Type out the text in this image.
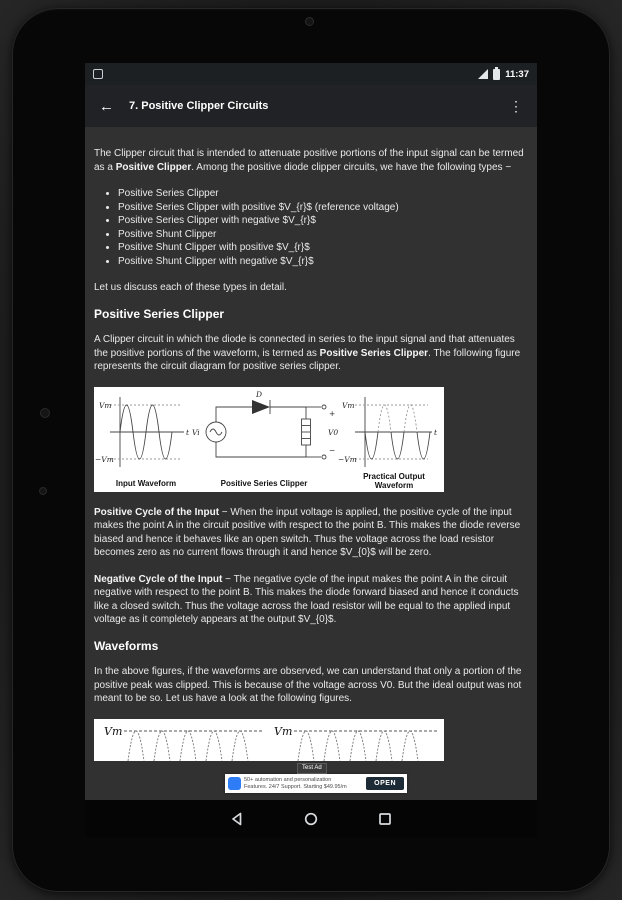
11:37
← 7. Positive Clipper Circuits	⋮

The Clipper circuit that is intended to attenuate positive portions of the input signal can be termed as a Positive Clipper. Among the positive diode clipper circuits, we have the following types −

• Positive Series Clipper
• Positive Series Clipper with positive $V_{r}$ (reference voltage)
• Positive Series Clipper with negative $V_{r}$
• Positive Shunt Clipper
• Positive Shunt Clipper with positive $V_{r}$
• Positive Shunt Clipper with negative $V_{r}$

Let us discuss each of these types in detail.

Positive Series Clipper

A Clipper circuit in which the diode is connected in series to the input signal and that attenuates the positive portions of the waveform, is termed as Positive Series Clipper. The following figure represents the circuit diagram for positive series clipper.

Vm
−Vm
t Vi
D
+
V0
−
Vm
−Vm
t
Input Waveform	Positive Series Clipper
Practical Output
Waveform

Positive Cycle of the Input − When the input voltage is applied, the positive cycle of the input makes the point A in the circuit positive with respect to the point B. This makes the diode reverse biased and hence it behaves like an open switch. Thus the voltage across the load resistor becomes zero as no current flows through it and hence $V_{0}$ will be zero.

Negative Cycle of the Input − The negative cycle of the input makes the point A in the circuit negative with respect to the point B. This makes the diode forward biased and hence it conducts like a closed switch. Thus the voltage across the load resistor will be equal to the applied input voltage as it completely appears at the output $V_{0}$.

Waveforms

In the above figures, if the waveforms are observed, we can understand that only a portion of the positive peak was clipped. This is because of the voltage across V0. But the ideal output was not meant to be so. Let us have a look at the following figures.

Vm	Vm
Test Ad
50+ automation and personalization
Features. 24/7 Support. Starting $49.95/m	OPEN
